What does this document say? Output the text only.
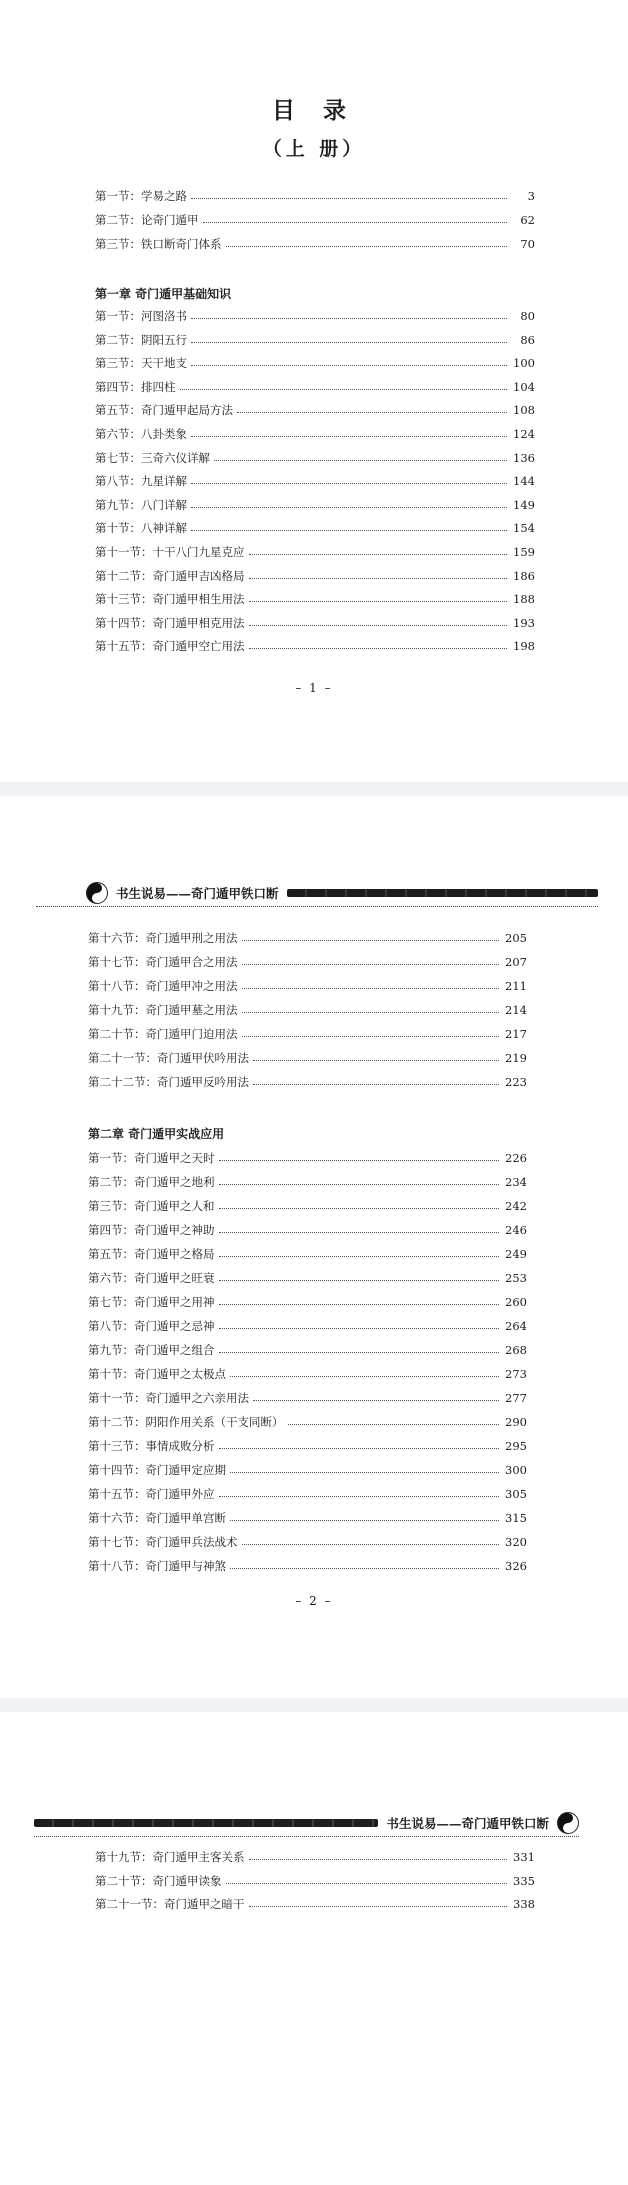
目 录
（上 册）
第一节：学易之路	3
第二节：论奇门遁甲	62
第三节：铁口断奇门体系	70
第一章 奇门遁甲基础知识
第一节：河图洛书	80
第二节：阴阳五行	86
第三节：天干地支	100
第四节：排四柱	104
第五节：奇门遁甲起局方法	108
第六节：八卦类象	124
第七节：三奇六仪详解	136
第八节：九星详解	144
第九节：八门详解	149
第十节：八神详解	154
第十一节：十干八门九星克应	159
第十二节：奇门遁甲吉凶格局	186
第十三节：奇门遁甲相生用法	188
第十四节：奇门遁甲相克用法	193
第十五节：奇门遁甲空亡用法	198
– 1 –
书生说易——奇门遁甲铁口断
第十六节：奇门遁甲刑之用法	205
第十七节：奇门遁甲合之用法	207
第十八节：奇门遁甲冲之用法	211
第十九节：奇门遁甲墓之用法	214
第二十节：奇门遁甲门迫用法	217
第二十一节：奇门遁甲伏吟用法	219
第二十二节：奇门遁甲反吟用法	223
第二章 奇门遁甲实战应用
第一节：奇门遁甲之天时	226
第二节：奇门遁甲之地利	234
第三节：奇门遁甲之人和	242
第四节：奇门遁甲之神助	246
第五节：奇门遁甲之格局	249
第六节：奇门遁甲之旺衰	253
第七节：奇门遁甲之用神	260
第八节：奇门遁甲之忌神	264
第九节：奇门遁甲之组合	268
第十节：奇门遁甲之太极点	273
第十一节：奇门遁甲之六亲用法	277
第十二节：阴阳作用关系（干支同断）	290
第十三节：事情成败分析	295
第十四节：奇门遁甲定应期	300
第十五节：奇门遁甲外应	305
第十六节：奇门遁甲单宫断	315
第十七节：奇门遁甲兵法战术	320
第十八节：奇门遁甲与神煞	326
– 2 –
书生说易——奇门遁甲铁口断
第十九节：奇门遁甲主客关系	331
第二十节：奇门遁甲读象	335
第二十一节：奇门遁甲之暗干	338
